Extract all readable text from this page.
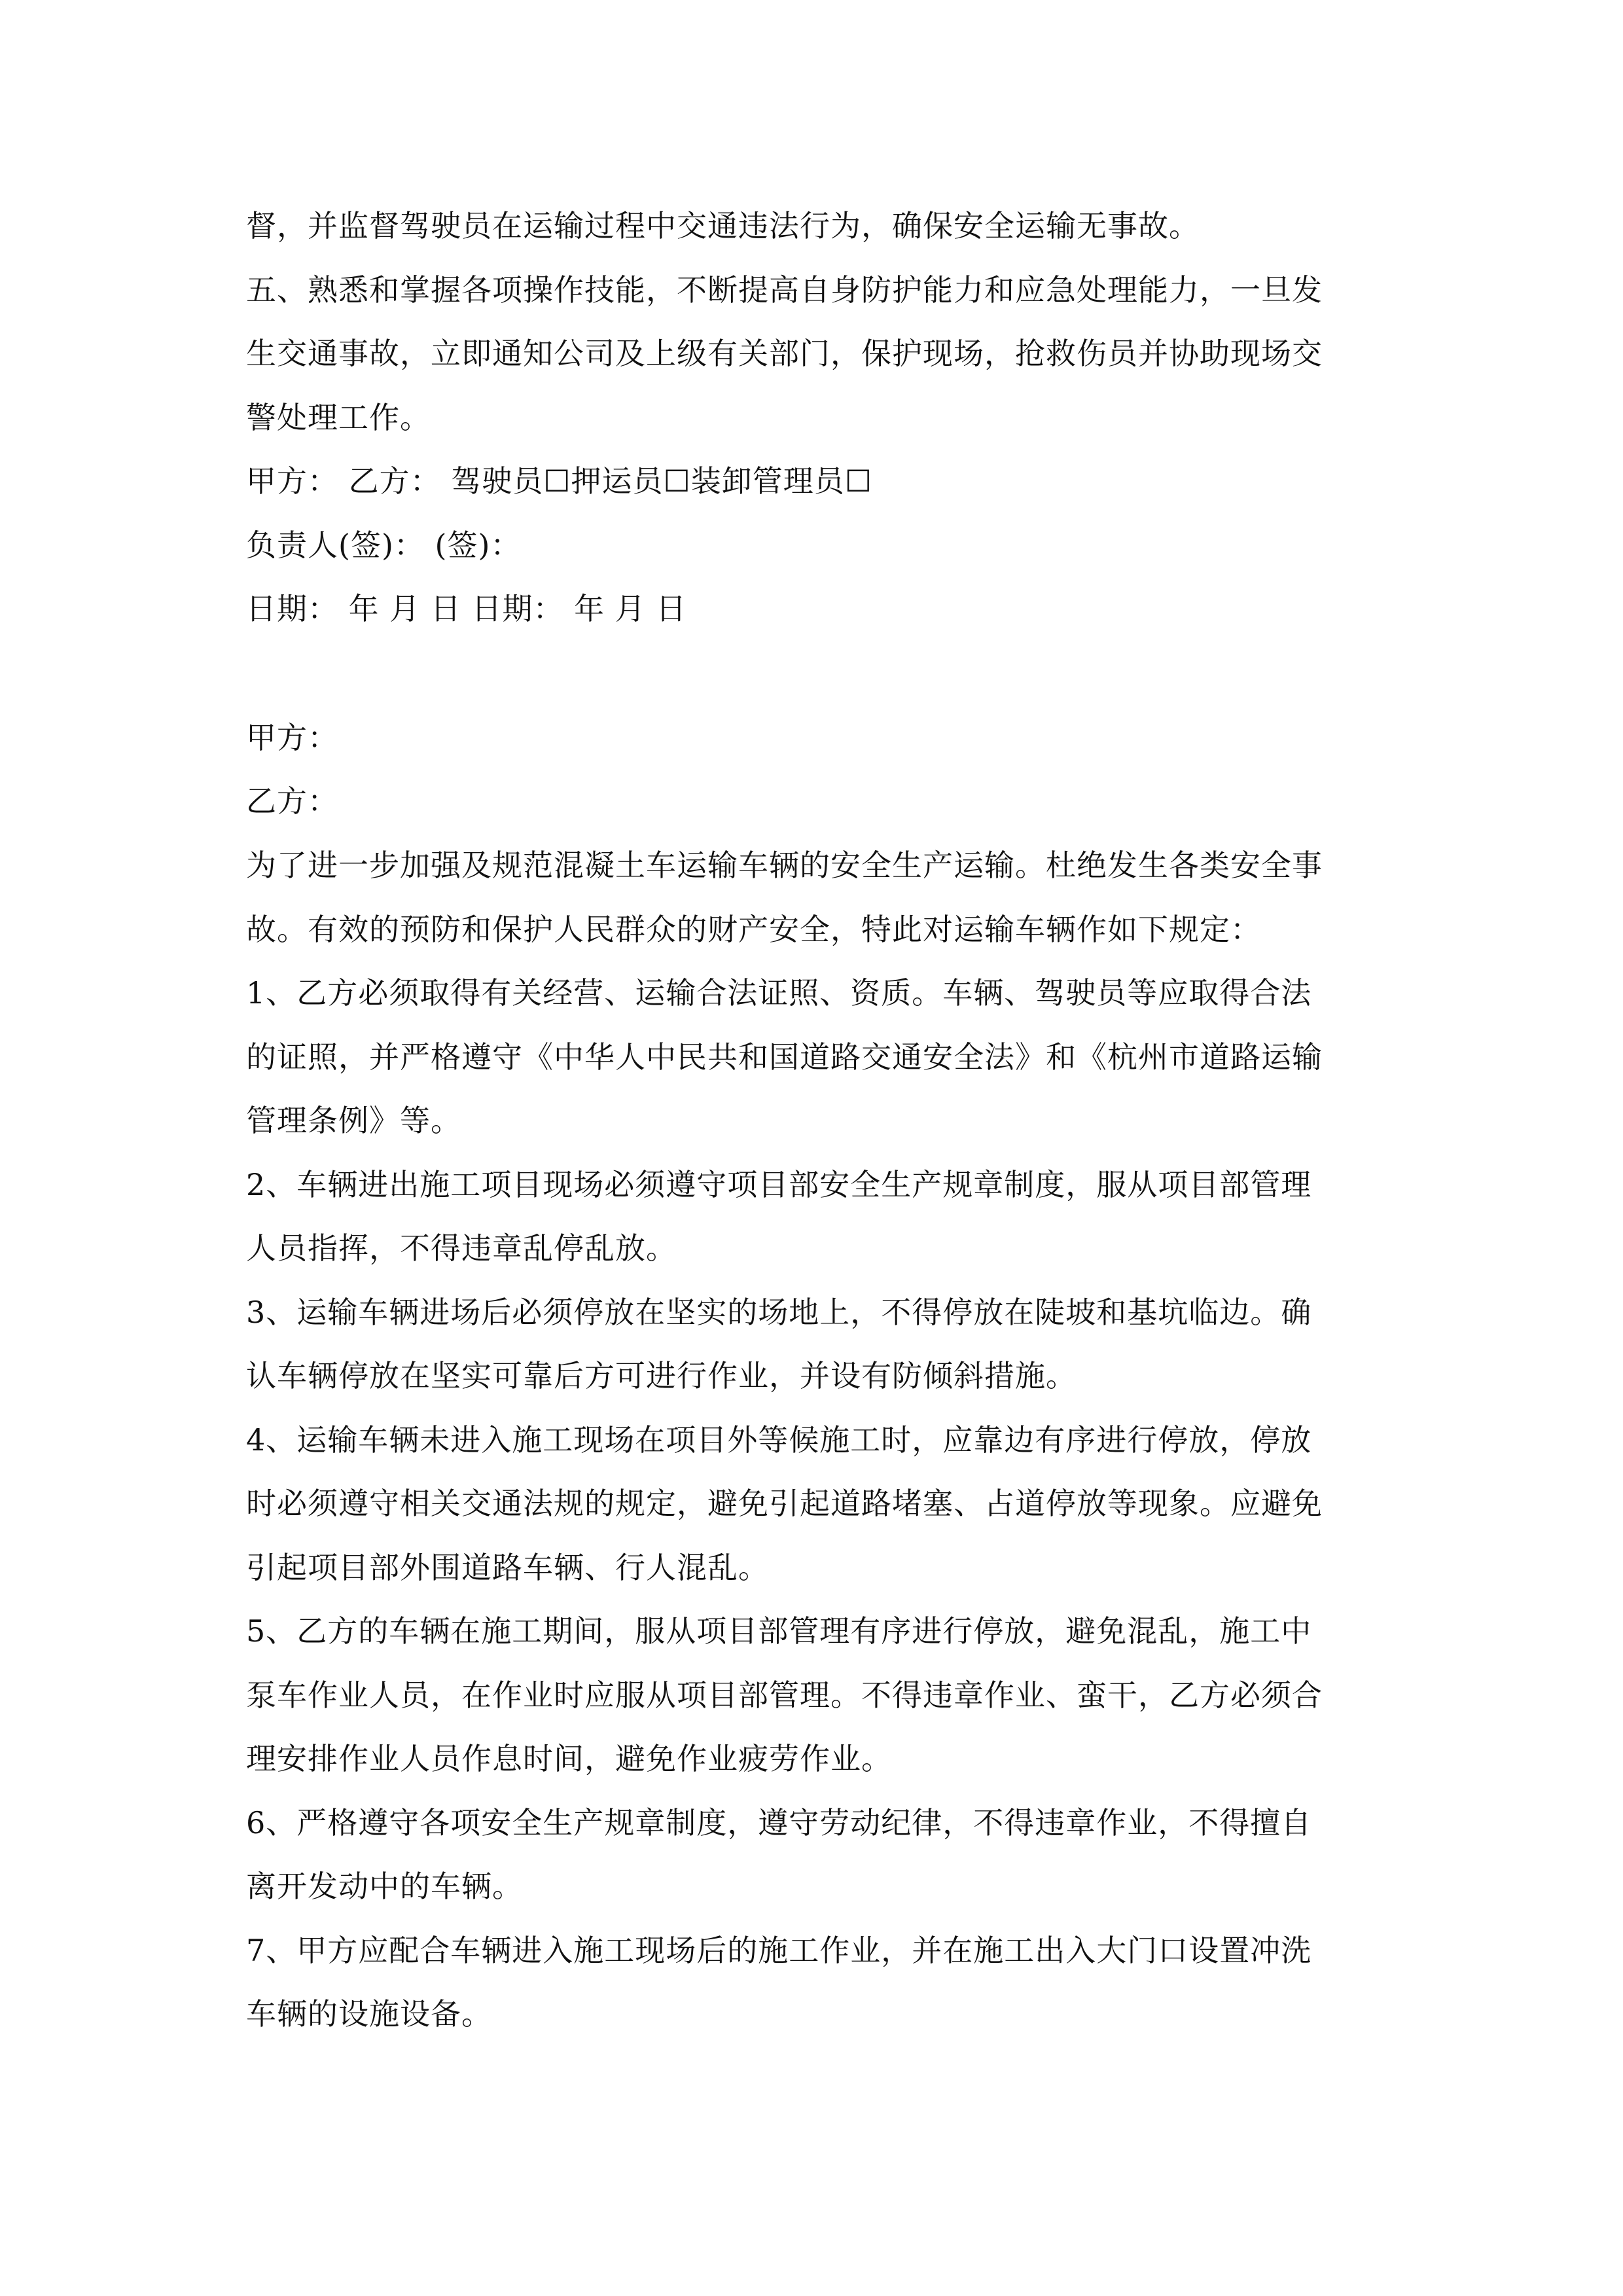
督，并监督驾驶员在运输过程中交通违法行为，确保安全运输无事故。

五、熟悉和掌握各项操作技能，不断提高自身防护能力和应急处理能力，一旦发

生交通事故，立即通知公司及上级有关部门，保护现场，抢救伤员并协助现场交

警处理工作。

甲方： 乙方： 驾驶员☐押运员☐装卸管理员☐

负责人(签)： (签)：

日期： 年 月 日 日期： 年 月 日

甲方：

乙方：

为了进一步加强及规范混凝土车运输车辆的安全生产运输。杜绝发生各类安全事

故。有效的预防和保护人民群众的财产安全，特此对运输车辆作如下规定：

1、乙方必须取得有关经营、运输合法证照、资质。车辆、驾驶员等应取得合法

的证照，并严格遵守《中华人中民共和国道路交通安全法》和《杭州市道路运输

管理条例》等。

2、车辆进出施工项目现场必须遵守项目部安全生产规章制度，服从项目部管理

人员指挥，不得违章乱停乱放。

3、运输车辆进场后必须停放在坚实的场地上，不得停放在陡坡和基坑临边。确

认车辆停放在坚实可靠后方可进行作业，并设有防倾斜措施。

4、运输车辆未进入施工现场在项目外等候施工时，应靠边有序进行停放，停放

时必须遵守相关交通法规的规定，避免引起道路堵塞、占道停放等现象。应避免

引起项目部外围道路车辆、行人混乱。

5、乙方的车辆在施工期间，服从项目部管理有序进行停放，避免混乱，施工中

泵车作业人员，在作业时应服从项目部管理。不得违章作业、蛮干，乙方必须合

理安排作业人员作息时间，避免作业疲劳作业。

6、严格遵守各项安全生产规章制度，遵守劳动纪律，不得违章作业，不得擅自

离开发动中的车辆。

7、甲方应配合车辆进入施工现场后的施工作业，并在施工出入大门口设置冲洗

车辆的设施设备。
